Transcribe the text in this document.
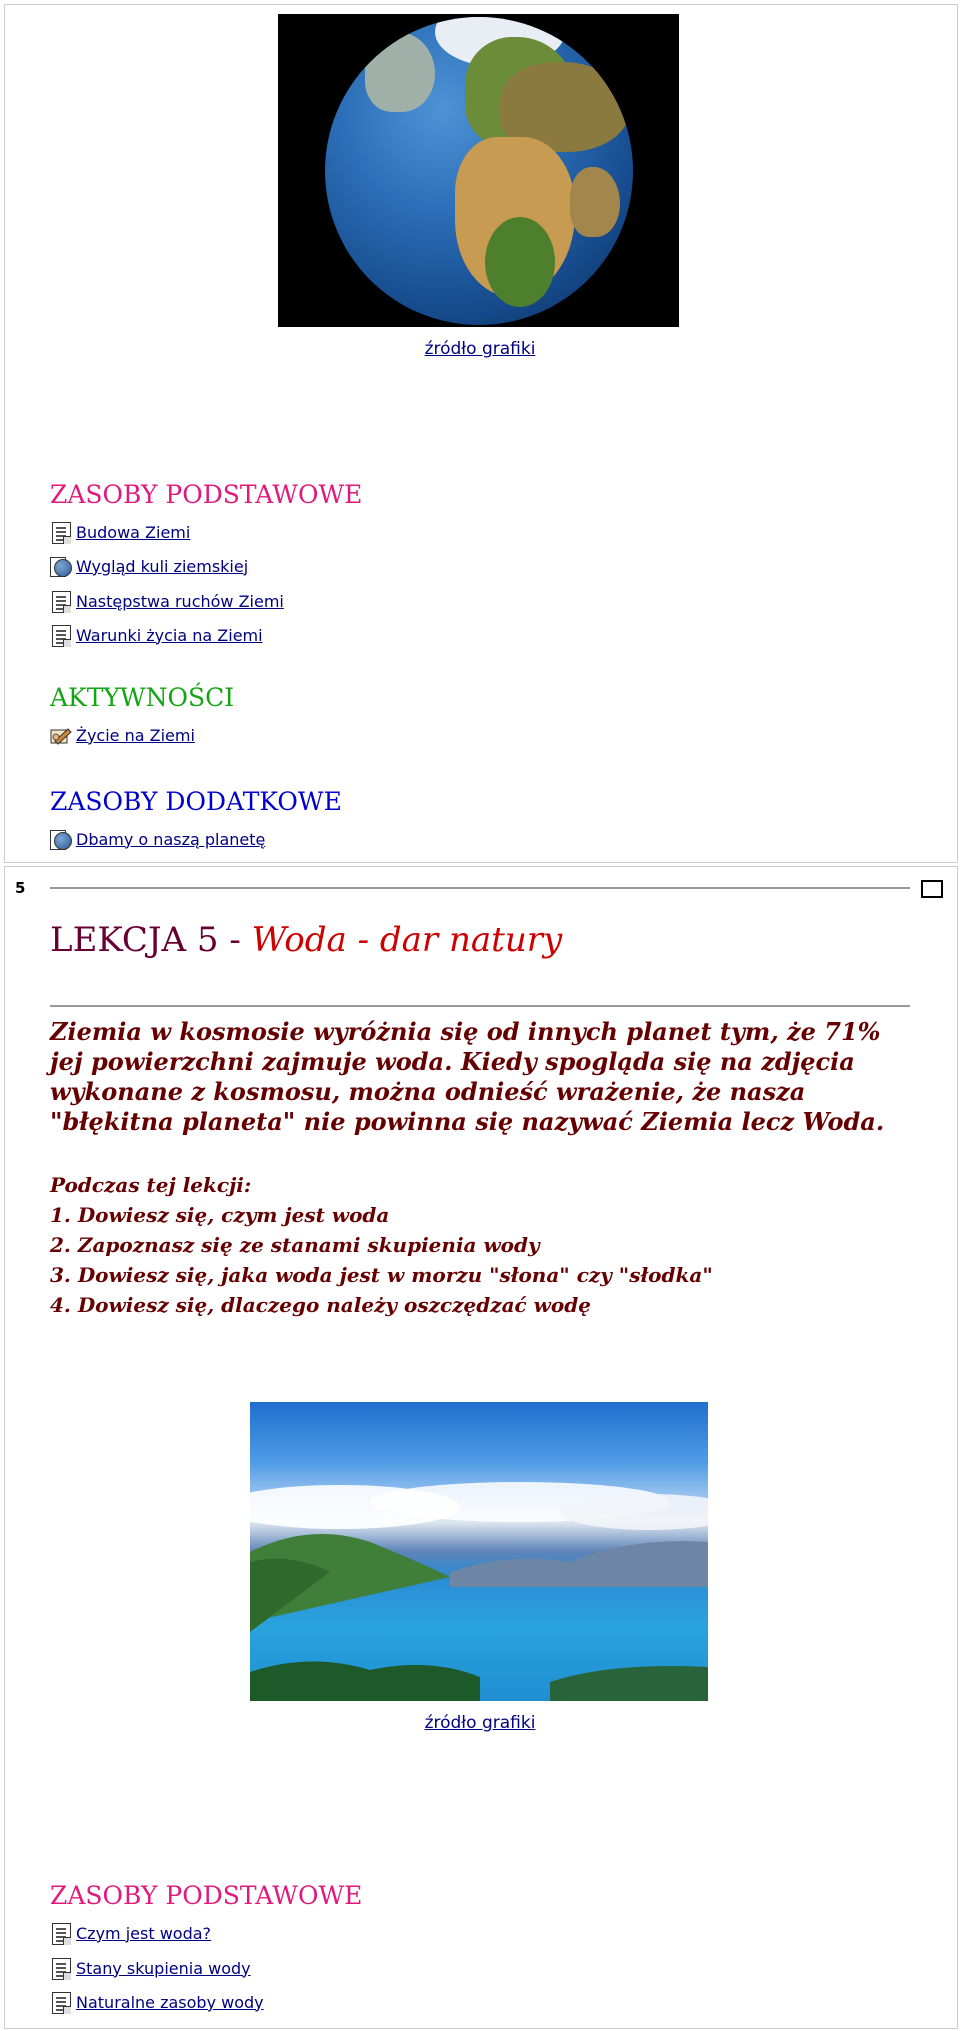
źródło grafiki
ZASOBY PODSTAWOWE
Budowa Ziemi
Wygląd kuli ziemskiej
Następstwa ruchów Ziemi
Warunki życia na Ziemi
AKTYWNOŚCI
Życie na Ziemi
ZASOBY DODATKOWE
Dbamy o naszą planetę
5
LEKCJA 5 - Woda - dar natury
Ziemia w kosmosie wyróżnia się od innych planet tym, że 71% jej powierzchni zajmuje woda. Kiedy spogląda się na zdjęcia wykonane z kosmosu, można odnieść wrażenie, że nasza "błękitna planeta" nie powinna się nazywać Ziemia lecz Woda.
Podczas tej lekcji:
1. Dowiesz się, czym jest woda
2. Zapoznasz się ze stanami skupienia wody
3. Dowiesz się, jaka woda jest w morzu "słona" czy "słodka"
4. Dowiesz się, dlaczego należy oszczędzać wodę
źródło grafiki
ZASOBY PODSTAWOWE
Czym jest woda?
Stany skupienia wody
Naturalne zasoby wody
